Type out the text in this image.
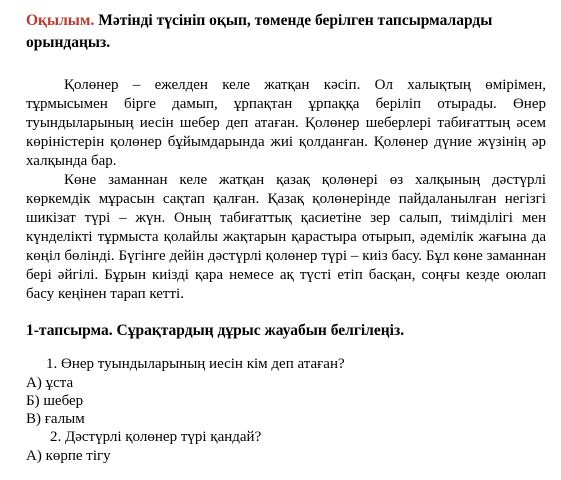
Оқылым. Мәтінді түсініп оқып, төменде берілген тапсырмаларды орындаңыз.

Қолөнер – ежелден келе жатқан кәсіп. Ол халықтың өмірімен, тұрмысымен бірге дамып, ұрпақтан ұрпаққа беріліп отырады. Өнер туындыларының иесін шебер деп атаған. Қолөнер шеберлері табиғаттың әсем көріністерін қолөнер бұйымдарында жиі қолданған. Қолөнер дүние жүзінің әр халқында бар.

Көне заманнан келе жатқан қазақ қолөнері өз халқының дәстүрлі көркемдік мұрасын сақтап қалған. Қазақ қолөнерінде пайдаланылған негізгі шикізат түрі – жүн. Оның табиғаттық қасиетіне зер салып, тиімділігі мен күнделікті тұрмыста қолайлы жақтарын қарастыра отырып, әдемілік жағына да көңіл бөлінді. Бүгінге дейін дәстүрлі қолөнер түрі – киіз басу. Бұл көне заманнан бері әйгілі. Бұрын киізді қара немесе ақ түсті етіп басқан, соңғы кезде оюлап басу кеңінен тарап кетті.

1-тапсырма. Сұрақтардың дұрыс жауабын белгілеңіз.
1. Өнер туындыларының иесін кім деп атаған?
А) ұста
Б) шебер
В) ғалым
2. Дәстүрлі қолөнер түрі қандай?
А) көрпе тігу
